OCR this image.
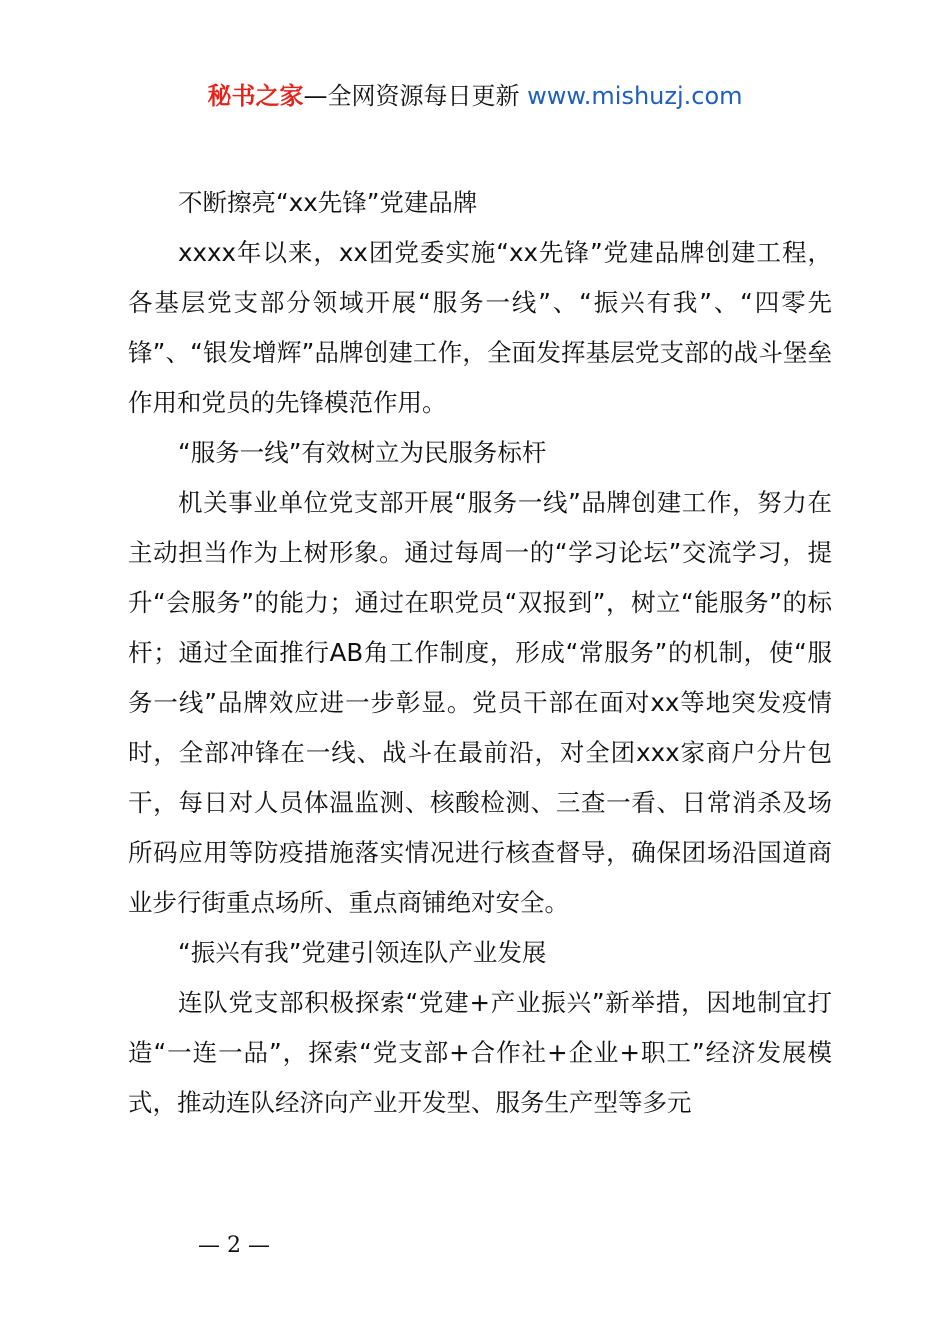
秘书之家—全网资源每日更新 www.mishuzj.com

不断擦亮“xx先锋”党建品牌

xxxx年以来，xx团党委实施“xx先锋”党建品牌创建工程，各基层党支部分领域开展“服务一线”、“振兴有我”、“四零先锋”、“银发增辉”品牌创建工作，全面发挥基层党支部的战斗堡垒作用和党员的先锋模范作用。

“服务一线”有效树立为民服务标杆

机关事业单位党支部开展“服务一线”品牌创建工作，努力在主动担当作为上树形象。通过每周一的“学习论坛”交流学习，提升“会服务”的能力；通过在职党员“双报到”，树立“能服务”的标杆；通过全面推行AB角工作制度，形成“常服务”的机制，使“服务一线”品牌效应进一步彰显。党员干部在面对xx等地突发疫情时，全部冲锋在一线、战斗在最前沿，对全团xxx家商户分片包干，每日对人员体温监测、核酸检测、三查一看、日常消杀及场所码应用等防疫措施落实情况进行核查督导，确保团场沿国道商业步行街重点场所、重点商铺绝对安全。

“振兴有我”党建引领连队产业发展

连队党支部积极探索“党建+产业振兴”新举措，因地制宜打造“一连一品”，探索“党支部+合作社+企业+职工”经济发展模式，推动连队经济向产业开发型、服务生产型等多元

— 2 —
